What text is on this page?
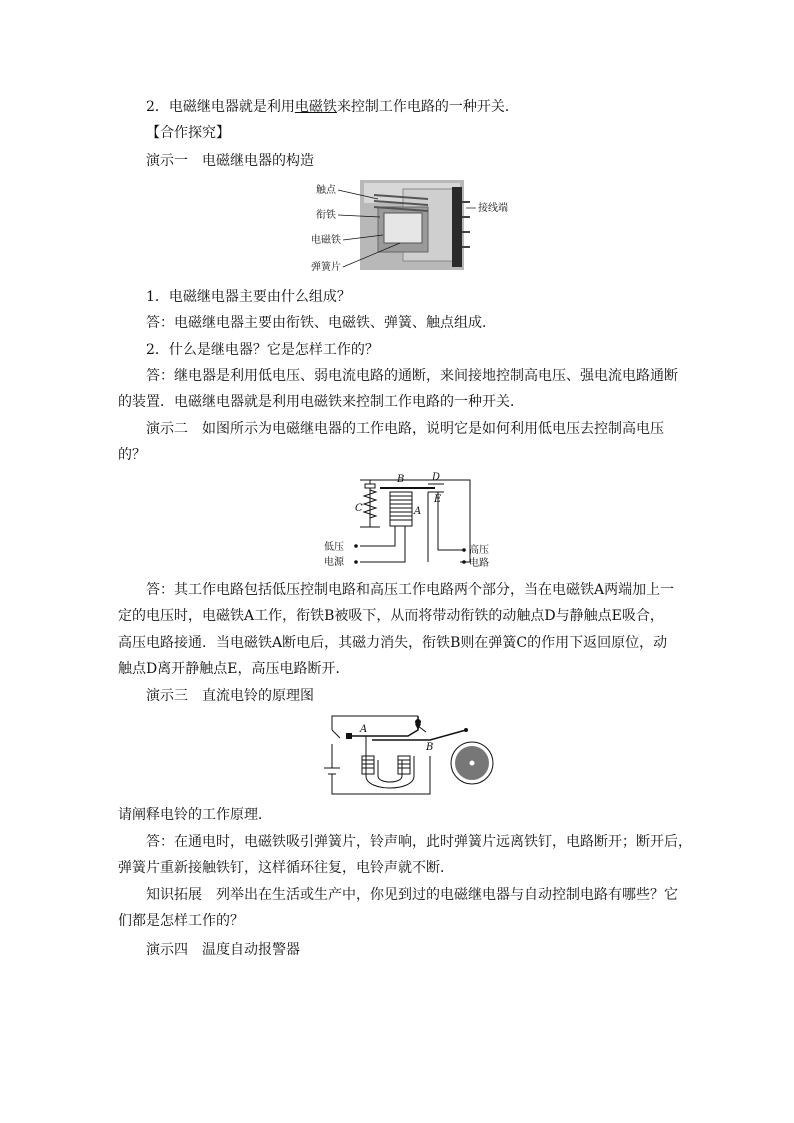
2．电磁继电器就是利用电磁铁来控制工作电路的一种开关．
【合作探究】
演示一　电磁继电器的构造
触点
衔铁
电磁铁
弹簧片
接线端
1．电磁继电器主要由什么组成？
答：电磁继电器主要由衔铁、电磁铁、弹簧、触点组成．
2．什么是继电器？它是怎样工作的？
答：继电器是利用低电压、弱电流电路的通断，来间接地控制高电压、强电流电路通断
的装置．电磁继电器就是利用电磁铁来控制工作电路的一种开关．
演示二　如图所示为电磁继电器的工作电路，说明它是如何利用低电压去控制高电压
的？
B
C	A
D
E
低压
电源
高压
电路
答：其工作电路包括低压控制电路和高压工作电路两个部分，当在电磁铁A两端加上一
定的电压时，电磁铁A工作，衔铁B被吸下，从而将带动衔铁的动触点D与静触点E吸合，
高压电路接通．当电磁铁A断电后，其磁力消失，衔铁B则在弹簧C的作用下返回原位，动
触点D离开静触点E，高压电路断开．
演示三　直流电铃的原理图
A
B
请阐释电铃的工作原理．
答：在通电时，电磁铁吸引弹簧片，铃声响，此时弹簧片远离铁钉，电路断开；断开后，
弹簧片重新接触铁钉，这样循环往复，电铃声就不断．
知识拓展　列举出在生活或生产中，你见到过的电磁继电器与自动控制电路有哪些？它
们都是怎样工作的？
演示四　温度自动报警器
